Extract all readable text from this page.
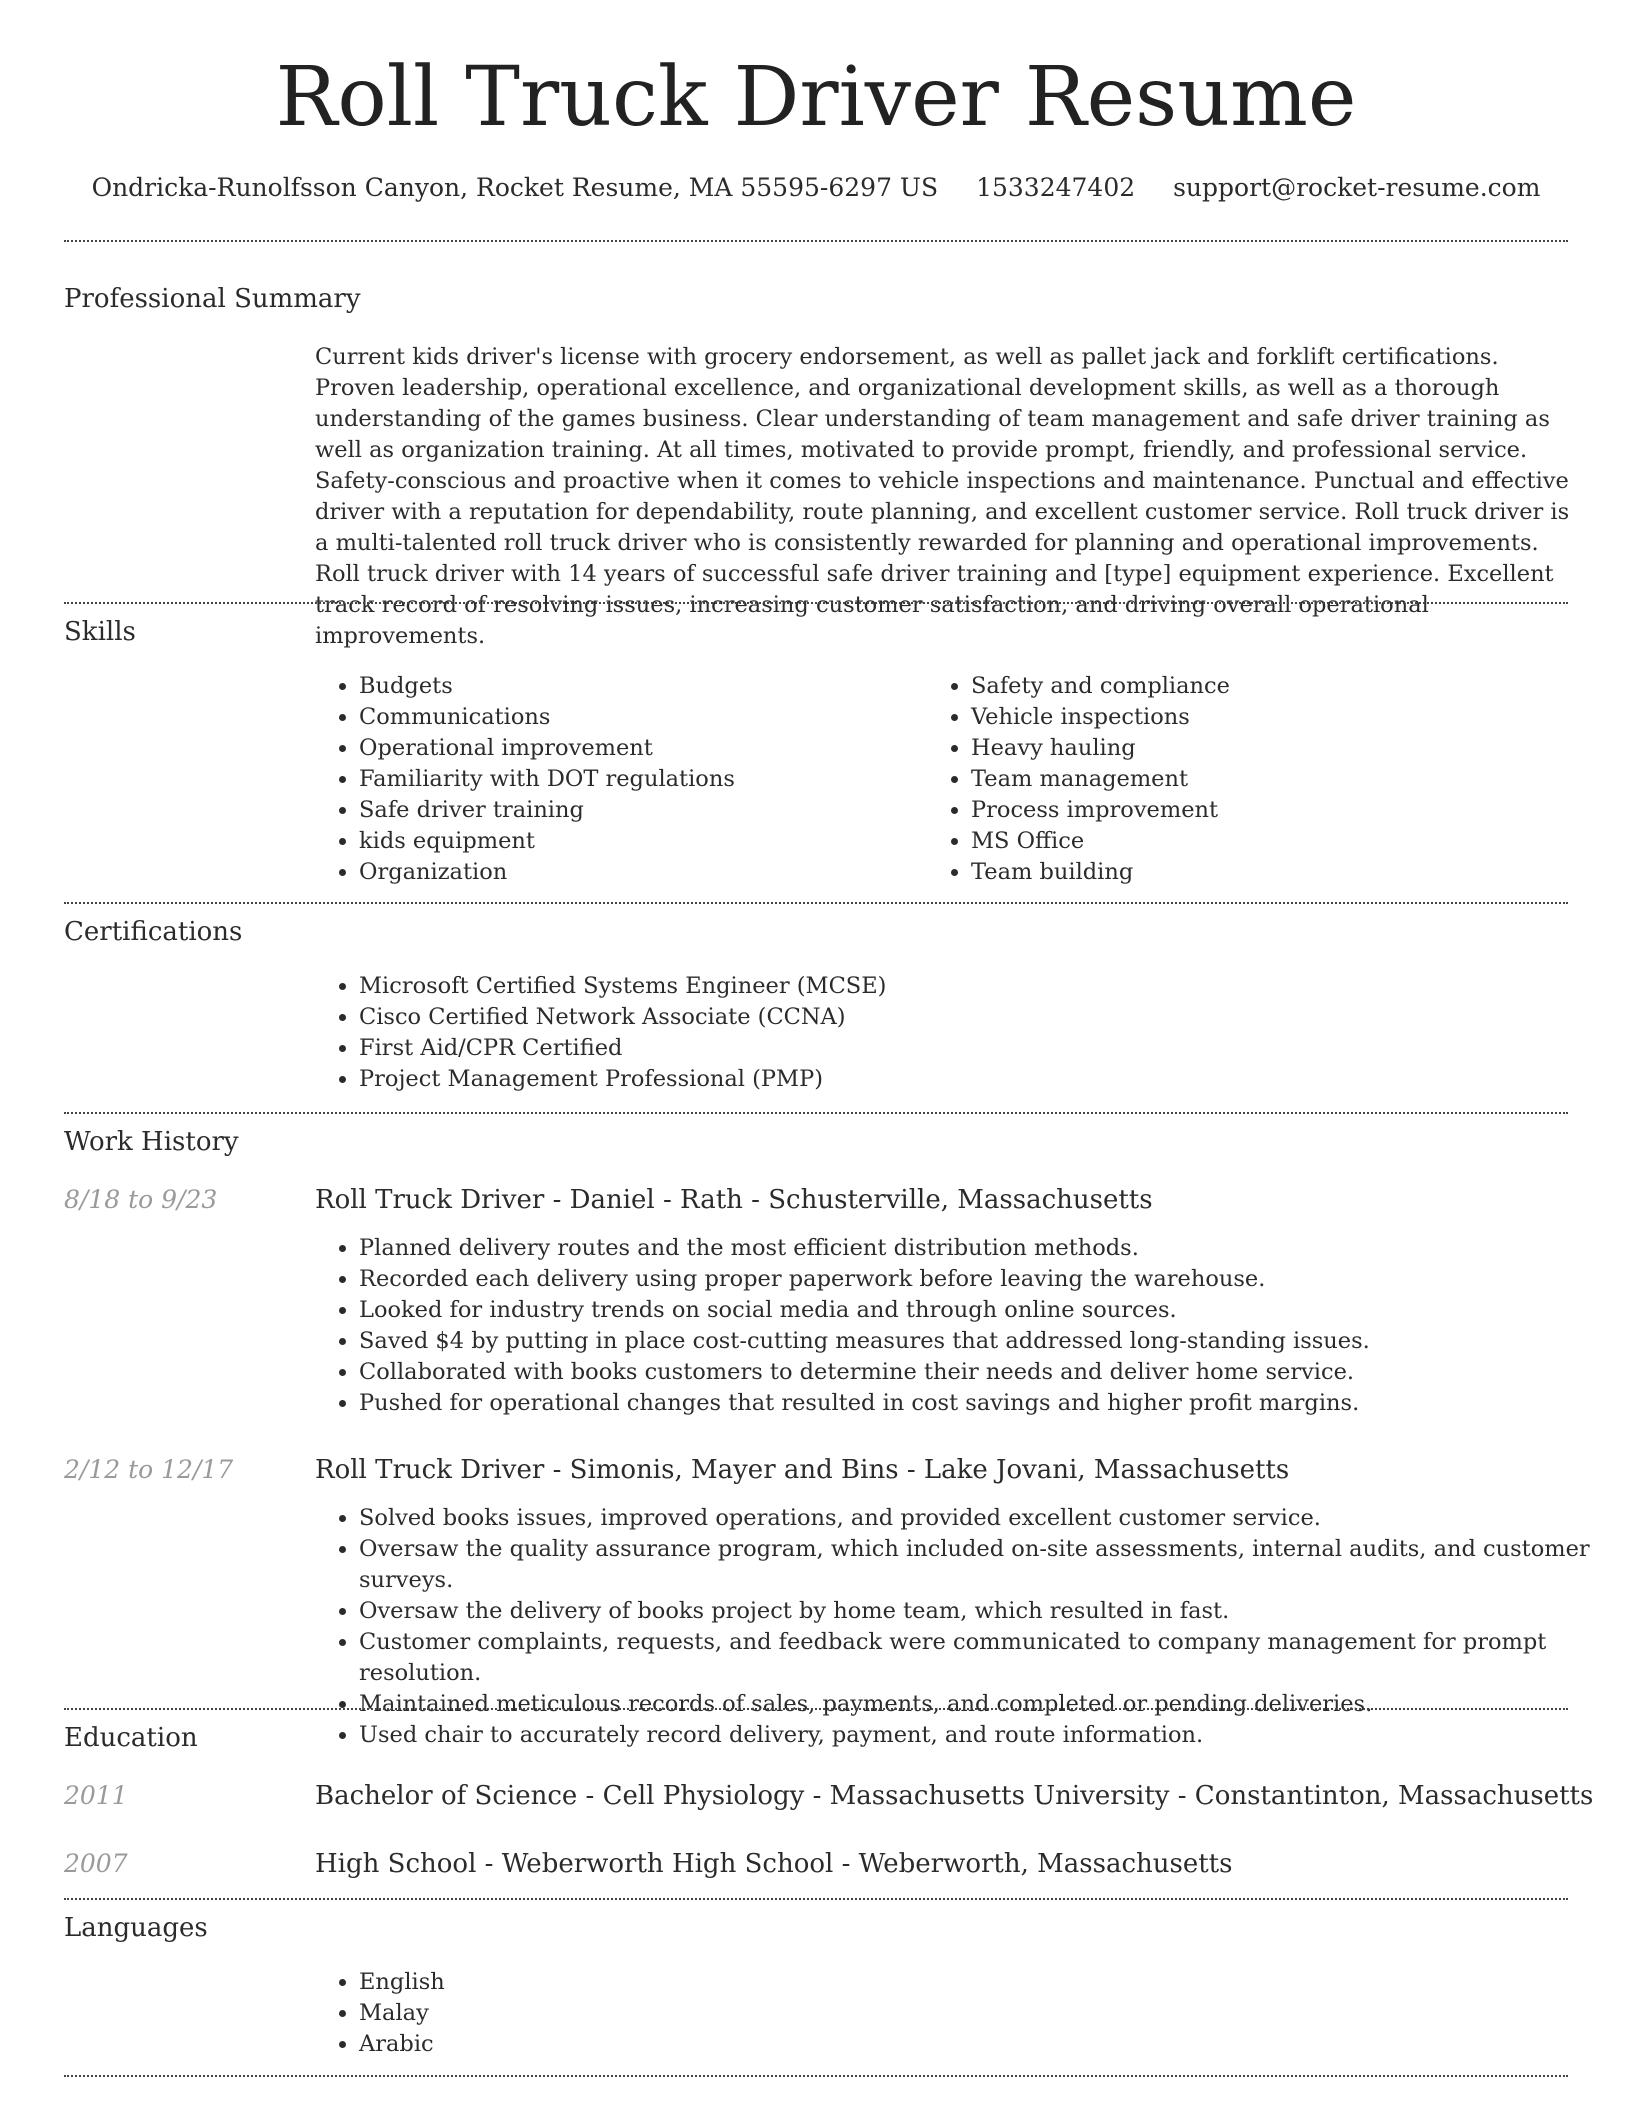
Roll Truck Driver Resume
Ondricka-Runolfsson Canyon, Rocket Resume, MA 55595-6297 US 1533247402 support@rocket-resume.com
Professional Summary

Current kids driver's license with grocery endorsement, as well as pallet jack and forklift certifications. Proven leadership, operational excellence, and organizational development skills, as well as a thorough understanding of the games business. Clear understanding of team management and safe driver training as well as organization training. At all times, motivated to provide prompt, friendly, and professional service. Safety-conscious and proactive when it comes to vehicle inspections and maintenance. Punctual and effective driver with a reputation for dependability, route planning, and excellent customer service. Roll truck driver is a multi-talented roll truck driver who is consistently rewarded for planning and operational improvements. Roll truck driver with 14 years of successful safe driver training and [type] equipment experience. Excellent track record of resolving issues, increasing customer satisfaction, and driving overall operational improvements.

Skills
• Budgets
• Communications
• Operational improvement
• Familiarity with DOT regulations
• Safe driver training
• kids equipment
• Organization
• Safety and compliance
• Vehicle inspections
• Heavy hauling
• Team management
• Process improvement
• MS Office
• Team building
Certifications
• Microsoft Certified Systems Engineer (MCSE)
• Cisco Certified Network Associate (CCNA)
• First Aid/CPR Certified
• Project Management Professional (PMP)
Work History
8/18 to 9/23	Roll Truck Driver - Daniel - Rath - Schusterville, Massachusetts
• Planned delivery routes and the most efficient distribution methods.
• Recorded each delivery using proper paperwork before leaving the warehouse.
• Looked for industry trends on social media and through online sources.
• Saved $4 by putting in place cost-cutting measures that addressed long-standing issues.
• Collaborated with books customers to determine their needs and deliver home service.
• Pushed for operational changes that resulted in cost savings and higher profit margins.
2/12 to 12/17	Roll Truck Driver - Simonis, Mayer and Bins - Lake Jovani, Massachusetts
• Solved books issues, improved operations, and provided excellent customer service.
• Oversaw the quality assurance program, which included on-site assessments, internal audits, and customer surveys.
• Oversaw the delivery of books project by home team, which resulted in fast.
• Customer complaints, requests, and feedback were communicated to company management for prompt resolution.
• Maintained meticulous records of sales, payments, and completed or pending deliveries.
• Used chair to accurately record delivery, payment, and route information.
Education
2011	Bachelor of Science - Cell Physiology - Massachusetts University - Constantinton, Massachusetts
2007	High School - Weberworth High School - Weberworth, Massachusetts
Languages
• English
• Malay
• Arabic
